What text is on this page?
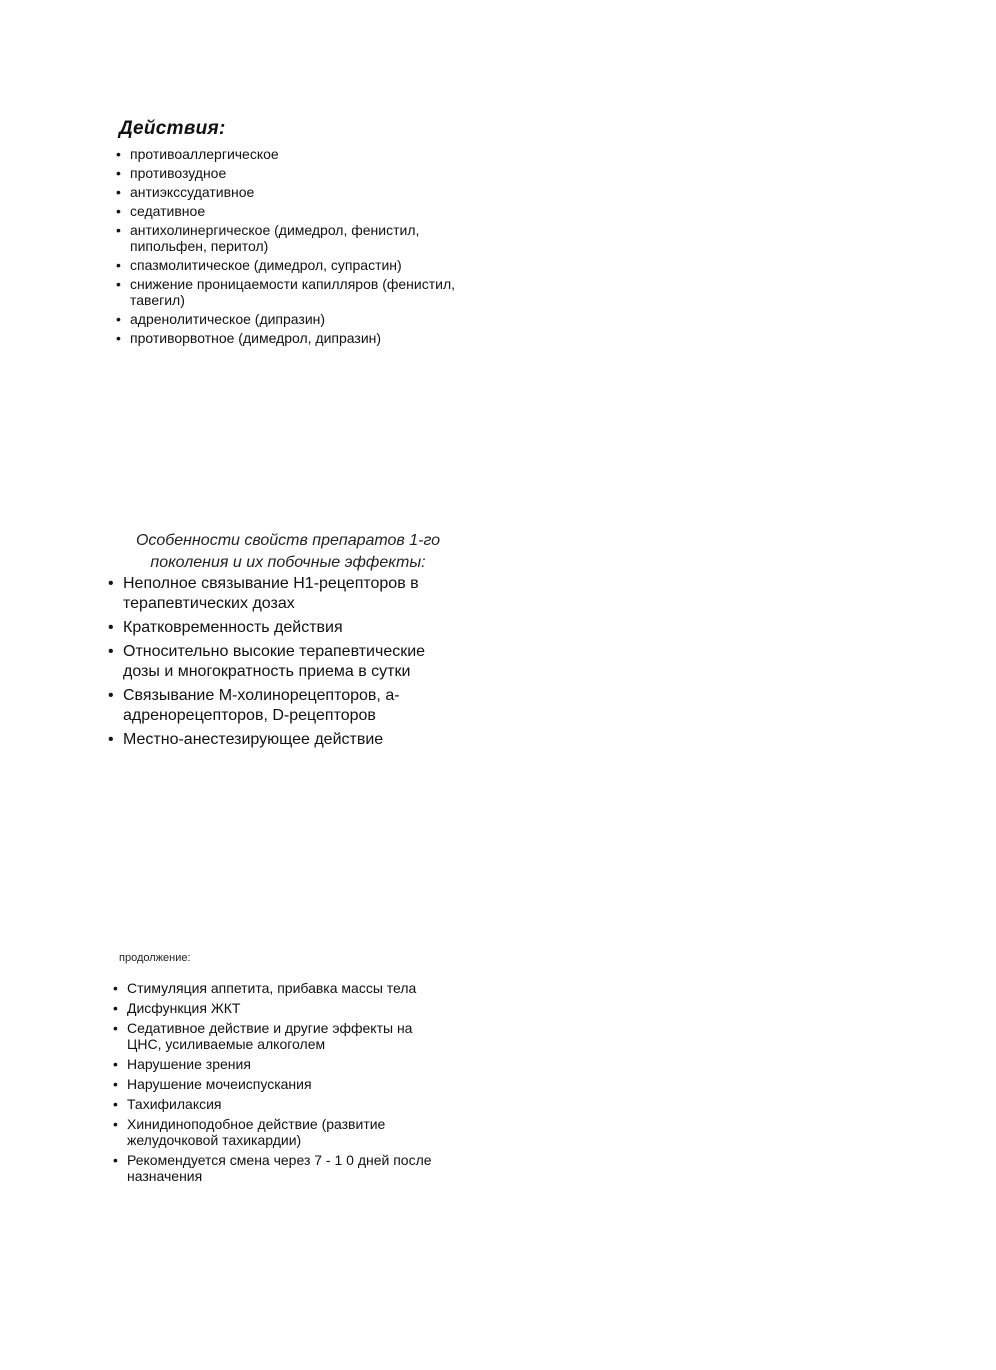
Действия:
• противоаллергическое
• противозудное
• антиэкссудативное
• седативное
• антихолинергическое (димедрол, фенистил, пипольфен, перитол)
• спазмолитическое (димедрол, супрастин)
• снижение проницаемости капилляров (фенистил, тавегил)
• адренолитическое (дипразин)
• противорвотное (димедрол, дипразин)
Особенности свойств препаратов 1-го поколения и их побочные эффекты:
• Неполное связывание Н1-рецепторов в терапевтических дозах
• Кратковременность действия
• Относительно высокие терапевтические дозы и многократность приема в сутки
• Связывание М-холинорецепторов, а-адренорецепторов, D-рецепторов
• Местно-анестезирующее действие
продолжение:
• Стимуляция аппетита, прибавка массы тела
• Дисфункция ЖКТ
• Седативное действие и другие эффекты на ЦНС, усиливаемые алкоголем
• Нарушение зрения
• Нарушение мочеиспускания
• Тахифилаксия
• Хинидиноподобное действие (развитие желудочковой тахикардии)
• Рекомендуется смена через 7 - 1 0 дней после назначения
